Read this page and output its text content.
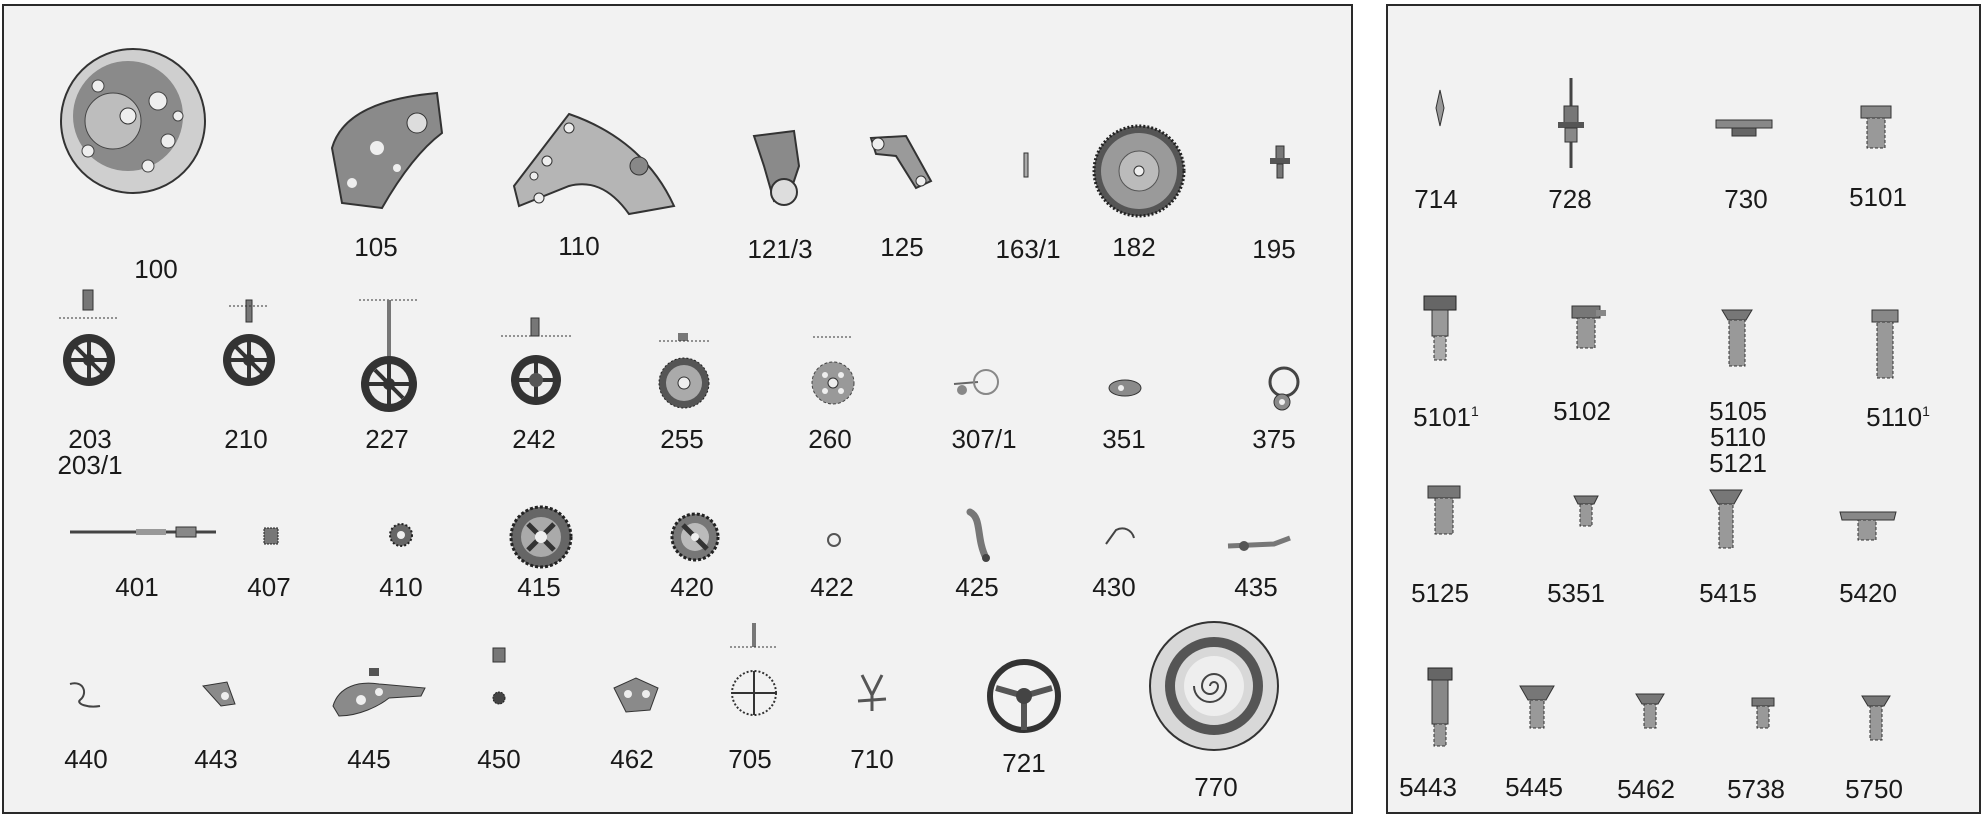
100
105	110	121/3	125	163/1 182	195
203
203/1
210	227	242	255	260	307/1	351	375
401	407	410	415	420	422	425	430	435
440	443	445	450	462	705	710	721
770
714	728	730	5101
5101$^1$	5102	5105
5110
5121
5110$^1$
5125	5351	5415	5420
5443 5445 5462 5738 5750
